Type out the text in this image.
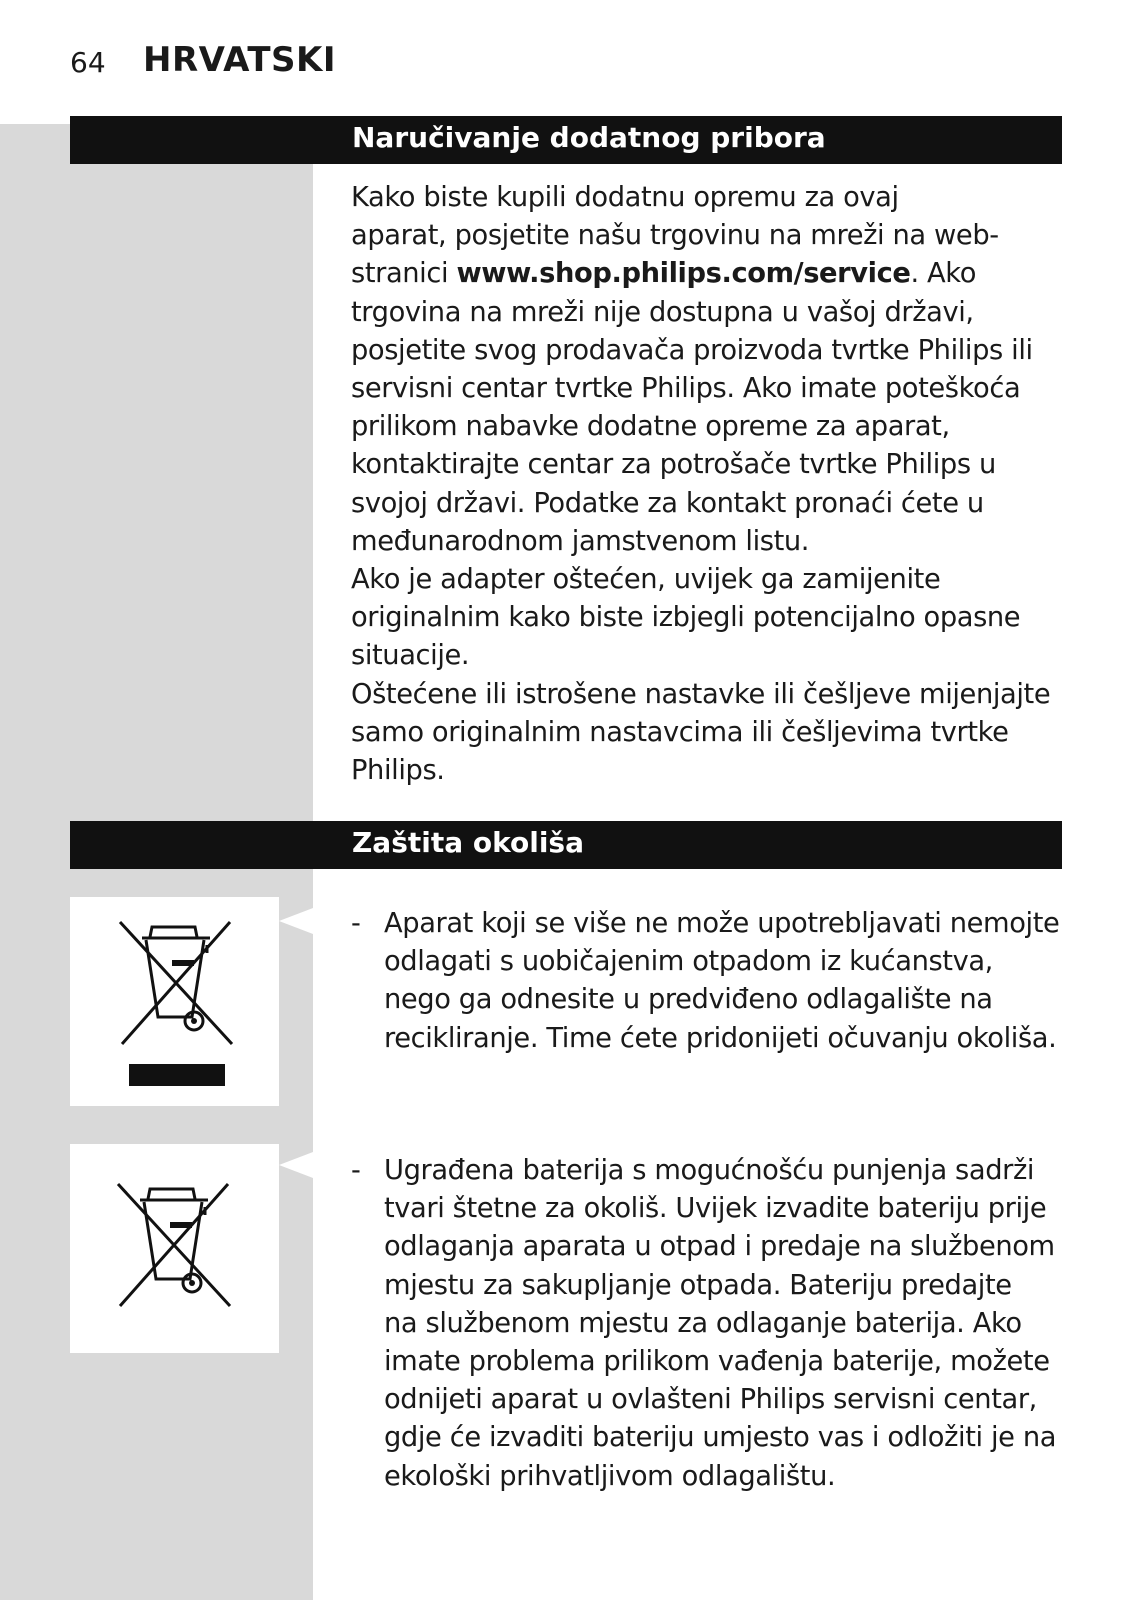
64 HRVATSKI
Naručivanje dodatnog pribora
Kako biste kupili dodatnu opremu za ovaj
aparat, posjetite našu trgovinu na mreži na web-
stranici www.shop.philips.com/service. Ako
trgovina na mreži nije dostupna u vašoj državi,
posjetite svog prodavača proizvoda tvrtke Philips ili
servisni centar tvrtke Philips. Ako imate poteškoća
prilikom nabavke dodatne opreme za aparat,
kontaktirajte centar za potrošače tvrtke Philips u
svojoj državi. Podatke za kontakt pronaći ćete u
međunarodnom jamstvenom listu.
Ako je adapter oštećen, uvijek ga zamijenite
originalnim kako biste izbjegli potencijalno opasne
situacije.
Oštećene ili istrošene nastavke ili češljeve mijenjajte
samo originalnim nastavcima ili češljevima tvrtke
Philips.
Zaštita okoliša
- Aparat koji se više ne može upotrebljavati nemojte
odlagati s uobičajenim otpadom iz kućanstva,
nego ga odnesite u predviđeno odlagalište na
recikliranje. Time ćete pridonijeti očuvanju okoliša.
- Ugrađena baterija s mogućnošću punjenja sadrži
tvari štetne za okoliš. Uvijek izvadite bateriju prije
odlaganja aparata u otpad i predaje na službenom
mjestu za sakupljanje otpada. Bateriju predajte
na službenom mjestu za odlaganje baterija. Ako
imate problema prilikom vađenja baterije, možete
odnijeti aparat u ovlašteni Philips servisni centar,
gdje će izvaditi bateriju umjesto vas i odložiti je na
ekološki prihvatljivom odlagalištu.
